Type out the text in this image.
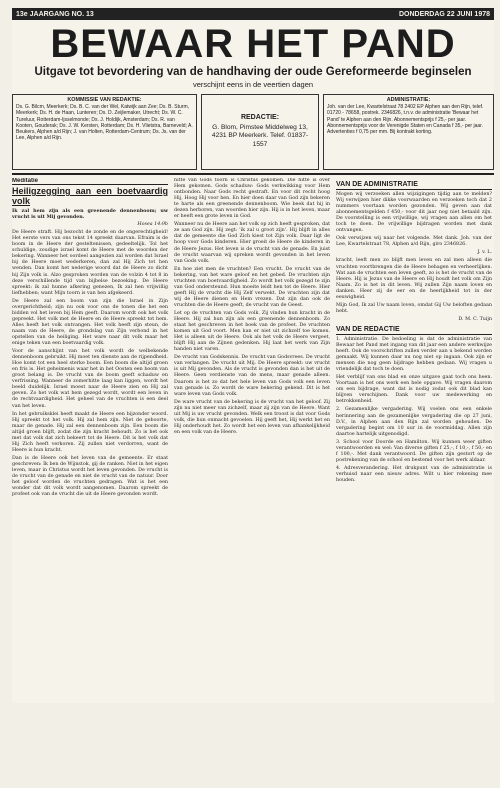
13e JAARGANG NO. 13	DONDERDAG 22 JUNI 1978
BEWAAR HET PAND
Uitgave tot bevordering van de handhaving der oude Gereformeerde beginselen
verschijnt eens in de veertien dagen
KOMMISSIE VAN REDAKTIE:
Ds. G. Bilcm, Meerkerk; Ds. B. C. van der Wel, Katwijk aan Zee; Ds. B. Sturm, Meerkerk; Ds. H. de Haan, Lunteren; Ds. D. Zeijlemaker, Utrecht; Ds. W. C. Tureluur, Rotterdam-Ijsselmonde; Ds. J. Holdijk, Amsterdam; Ds. R. van Kooten, Gouderak; Ds. J. W. Kersten, Rotterdam; Ds. H. Vlietstra, Barneveld; A. Beukers, Alphen a/d Rijn; J. van Holten, Rotterdam-Centrum; Ds. Js. van der Lee, Alphen a/d Rijn.
REDACTIE:
G. Blom, Pimstee Middelweg 13, 4231 BP Meerkerk. Telef. 01837-1557
ADMINISTRATIE:
Joh. van der Lee, Kwartelstraat 78 2402 EP Alphen aan den Rijn, telef. 01720 - 78658, postrek. 2346826, t.n.v. de administratie 'Bewaar het Pand' te Alphen aan den Rijn. Abonnementsprijs f 25,- per jaar. Abonnementsprijs voor de Verenigde Staten en Canada f 35,- per jaar. Advertenties f 0,75 per mm. Bij kontrakt korting.
Meditatie
Heiligzegging aan een boetvaardig volk

Ik zal hem zijn als een greenende dennenboom; uw vrucht is uit Mij gevonden.

Hosea 14:9b

De Heere straft. Hij bezocht de zonde en de ongerechtigheid! Het eerste vers van ons tekst 14 spreekt daarvan. Efraim is de boom in de Heere der gesteltenissen, gedeeltelijk. Tol het schuldige, zoudige israel komt de Heere met de woorden der bekering. Wanneer het oordeel aangezien zal worden dat Israel bij de Heere moet wederkeren, dan zal Hij Zich tot hen wenden. Dan komt het nederige woord dat de Heere zo dicht bij Zijn volk is. Alzo gesproken worden van de volzin 4 tot 8 in deze verschillende tijd van bijbelse bezoeking. De Heere spreekt: ik zal hunne afkering genezen, Ik zal hen vrijwillig liefhebben; want Mijn toorn is van hen afgekeerd.

De Heere zal een boom van zijn die Israel in Zijn overgerichtheid; zijn nu ook voor ons de tonen die het een bidden vol het leven bij Hem geeft. Daarom wordt ook het volk gepreekt. Het volk met de Heere en de Heere spreekt tot hem. Alles heeft het volk ontvangen. Het volk heeft zijn steun, de naam van de Heere, de grondslag van Zijn verbond in het opstellen van de heiliging. Het ware naar dit volk maar het enige teken van een boetvaardig volk.

Voor de aanschijnt van het volk wordt de welbekende dennenboom gebruikt. Hij moet ten dienste aan de rijpendheid. Hoe komt tot een heel sterke boom. Een boom die altijd groen en fris is. Het geheimenis waar het in het Oosten een boom van groot belang is. De vrucht van de boom geeft schaduw en verfrissing. Wanneer de zomerhitte laag kan liggen, wordt het beeld duidelijk. Israel moest naar de Heere zien en Hij zal geven. Zo het volk wat hem gezegd wordt, wordt een leven in de rechtvaardigheid. Het geheel van de vruchten is een deel van het leven.

In het gebruiksklei heeft maakt de Heere een bijzonder woord. Hij spreekt tot het volk. Hij zal hem zijn. Niet de geboorte, maar de genade. Hij zal een dennenboom zijn. Een boom die altijd groen blijft, zodat die zijn kracht behoudt. Zo is het ook met dat volk dat zich bekeert tot de Heere. Dit is het volk dat Hij Zich heeft verkoren. Zij zullen niet verdorren, want de Heere is hun kracht.

Dan is de Heere ook het leven van de gemeente. Er staat geschreven: Ik ben de Wijnstok, gij de ranken. Niet in het eigen leven, maar in Christus wordt het leven gevonden. De vrucht is de vrucht van de genade en niet de vrucht van de natuur. Door het geloof worden de vruchten gedragen. Wat is het een wonder dat dit volk wordt aangenomen. Daarom spreekt de profeet ook van de vrucht die uit de Heere gevonden wordt.

hitte van Gods toorn is Christus gekomen. Die hitte is over Hem gekomen. Gods schaduw: Gods verkwikking voor Hem ontbonden. Naar Gods recht gestraft. En voor dit recht hoog Hij, Hoog Hij voor hen. En hier doen daar van God zijn bekeren te harte als een greenende dennenboom. Wie beek dat hij in dezen herboren, van woorden hier zijn. Hij is in het leven, maar er heeft een grote leven in God.

Wanneer nu de Heere aan het volk op zich heeft gesproken, dat ze aan God zijn. Hij zegt: 'ik zal u groot zijn'. Hij blijft in alles dat de gemeente die God Zich kiest tot Zijn volk. Daar ligt de hoop voor Gods kinderen. Hier groeit de Heere de kinderen in de Heere Jezus. Het leven is de vrucht van de genade. En juist de vrucht waarvan wij spreken wordt gevonden in het leven van Gods volk.

En hoe ziet men de vruchten? Een vrucht. De vrucht van de bekering, van het ware geloof en het gebed. De vruchten zijn vruchten van boetvaardigheid. Zo wordt het volk gezegd te zijn van God ondersteund. Hun moeite leidt hen tot de Heere. Hier geeft Hij de vrucht die Hij Zelf verwekt. De vruchten zijn dat wij de Heere dienen en Hem vrezen. Dat zijn dan ook de vruchten die de Heere geeft, de vrucht van de Geest.

Let op de vruchten van Gods volk. Zij vinden hun kracht in de Heere. Hij zal hun zijn als een greenende dennenboom. Zo staat het geschreven in het boek van de profeet. De vruchten komen uit God voort. Men kan er niet uit zichzelf toe komen. Het is alleen uit de Heere. Ook als het volk de Heere vergeet, blijft Hij aan de Zijnen gedenken. Hij laat het werk van Zijn handen niet varen.

De vrucht van Godskennis. De vrucht van Godsvrees. De vrucht van verlangen. De vrucht uit Mij. De Heere spreekt: uw vrucht is uit Mij gevonden. Als de vrucht is gevonden dan is het uit de Heere. Geen verdienste van de mens, maar genade alleen. Daarom is het zo dat het hele leven van Gods volk een leven van genade is. Zo wordt de ware bekering gekend. Dit is het ware leven van Gods volk.

De ware vrucht van de bekering is de vrucht van het geloof. Zij zijn nu niet meer van zichzelf, maar zij zijn van de Heere. Want uit Mij is uw vrucht gevonden. Welk een troost is dat voor Gods volk, die hun onmacht gevoelen. Hij geeft het, Hij werkt het en Hij onderhoudt het. Zo wordt het een leven van afhankelijkheid en een volk van de Heere.

VAN DE ADMINISTRATIE

Mogen wij verzoeken allen wijzigingen tijdig aan te melden? Wij verwijzen hier dikke voorwaarden en verzoeken toch dat 2 nummers voortaan worden gezonden. Wij geven aan dat abonnementsgelden f 450,- voor dit jaar nog niet betaald zijn. De voorstelling is een vrijwillige, wij vragen aan allen om het toch te doen. De vrijwillige bijdragen worden met dank ontvangen.

Ook verwijzen wij naar het volgende. Met dank. Joh. van der Lee, Kwartelstraat 78, Alphen a/d Rijn, giro 2346826.

J. v. L.

kracht, leeft men zo blijft men leven en zal men alleen die vruchten voortbrengen die de Heere behagen en verheerlijken. Wat aan de vruchten een leven geeft, zo is het de vrucht van de Heere. Hij is Jezus van de Heere en Hij houdt het volk om Zijn Naam. Zo is het in dit leven. Wij zullen Zijn naam loven en danken. Heer zij de eer en de heerlijkheid tot in der eeuwigheid.

Mijn God, Ik zal Uw naam loven, omdat Gij Uw beloften gedaan hebt.

D. M. C. Tuijn
VAN DE REDACTIE

1. Administratie. De bedoeling is dat de administratie van Bewaar het Pand met ingang van dit jaar een andere werkwijze heeft. Ook de voorschriften zullen verder aan u bekend worden gemaakt. Wij kunnen daar nu nog niet op ingaan. Ook zijn er mensen die nog geen bijdrage hebben gedaan. Wij vragen u vriendelijk dat toch te doen.

Het verblijf van ons blad en onze uitgave gaat toch ons heen. Voortaan is het ons werk een hele opgave. Wij vragen daarom om een bijdrage, want dat is nodig zodat ook dit blad kan blijven verschijnen. Dank voor uw medewerking en betrokkenheid.

2. Gezamenlijke vergadering. Wij voelen ons een enkele herinnering aan de gezamenlijke vergadering die op 27 juni, D.V., in Alphen aan den Rijn zal worden gehouden. De vergadering begint om 10 uur in de voormiddag. Allen zijn daartoe hartelijk uitgenodigd.

3. School voor Doorde en Hamilton. Wij kunnen weer giften verantwoorden en wel: Van diverse giften f 25,-, f 10,-, f 50,- en f 100,-. Met dank verantwoord. De giften zijn gestort op de postrekening van de school en bestemd voor het werk aldaar.

4. Adresverandering. Het drukpunt van de administratie is verhuisd naar een nieuw adres. Wilt u hier rekening mee houden.
